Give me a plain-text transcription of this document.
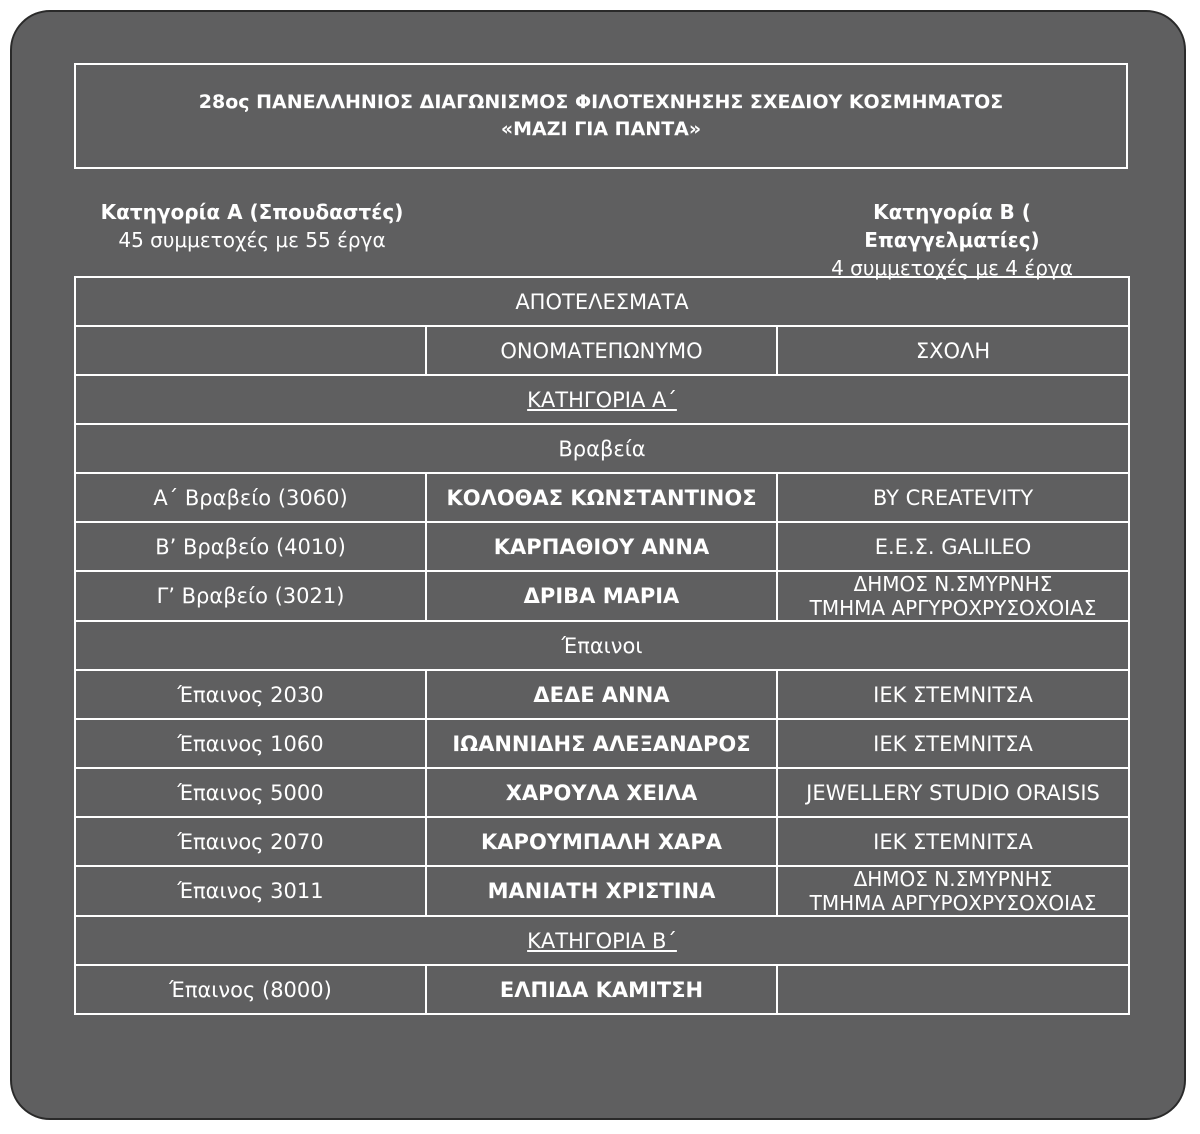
28ος ΠΑΝΕΛΛΗΝΙΟΣ ΔΙΑΓΩΝΙΣΜΟΣ ΦΙΛΟΤΕΧΝΗΣΗΣ ΣΧΕΔΙΟΥ ΚΟΣΜΗΜΑΤΟΣ
«ΜΑΖΙ ΓΙΑ ΠΑΝΤΑ»
Κατηγορία Α (Σπουδαστές)
45 συμμετοχές με 55 έργα
Κατηγορία Β ( Επαγγελματίες)
4 συμμετοχές με 4 έργα
ΑΠΟΤΕΛΕΣΜΑΤΑ		
	ΟΝΟΜΑΤΕΠΩΝΥΜΟ	ΣΧΟΛΗ
ΚΑΤΗΓΟΡΙΑ Α΄		
Βραβεία		
Α΄ Βραβείο (3060)	ΚΟΛΟΘΑΣ ΚΩΝΣΤΑΝΤΙΝΟΣ	BY CREATEVITY
Β’ Βραβείο (4010)	ΚΑΡΠΑΘΙΟΥ ΑΝΝΑ	Ε.Ε.Σ. GALILEO
Γ’ Βραβείο (3021)	ΔΡΙΒΑ ΜΑΡΙΑ	ΔΗΜΟΣ Ν.ΣΜΥΡΝΗΣ
ΤΜΗΜΑ ΑΡΓΥΡΟΧΡΥΣΟΧΟΙΑΣ

Έπαινοι		
Έπαινος 2030	ΔΕΔΕ ΑΝΝΑ	ΙΕΚ ΣΤΕΜΝΙΤΣΑ
Έπαινος 1060	ΙΩΑΝΝΙΔΗΣ ΑΛΕΞΑΝΔΡΟΣ	ΙΕΚ ΣΤΕΜΝΙΤΣΑ
Έπαινος 5000	ΧΑΡΟΥΛΑ ΧΕΙΛΑ	JEWELLERY STUDIO ORAISIS
Έπαινος 2070	ΚΑΡΟΥΜΠΑΛΗ ΧΑΡΑ	ΙΕΚ ΣΤΕΜΝΙΤΣΑ
Έπαινος 3011	ΜΑΝΙΑΤΗ ΧΡΙΣΤΙΝΑ	ΔΗΜΟΣ Ν.ΣΜΥΡΝΗΣ
ΤΜΗΜΑ ΑΡΓΥΡΟΧΡΥΣΟΧΟΙΑΣ

ΚΑΤΗΓΟΡΙΑ Β΄		
Έπαινος (8000)	ΕΛΠΙΔΑ ΚΑΜΙΤΣΗ	
